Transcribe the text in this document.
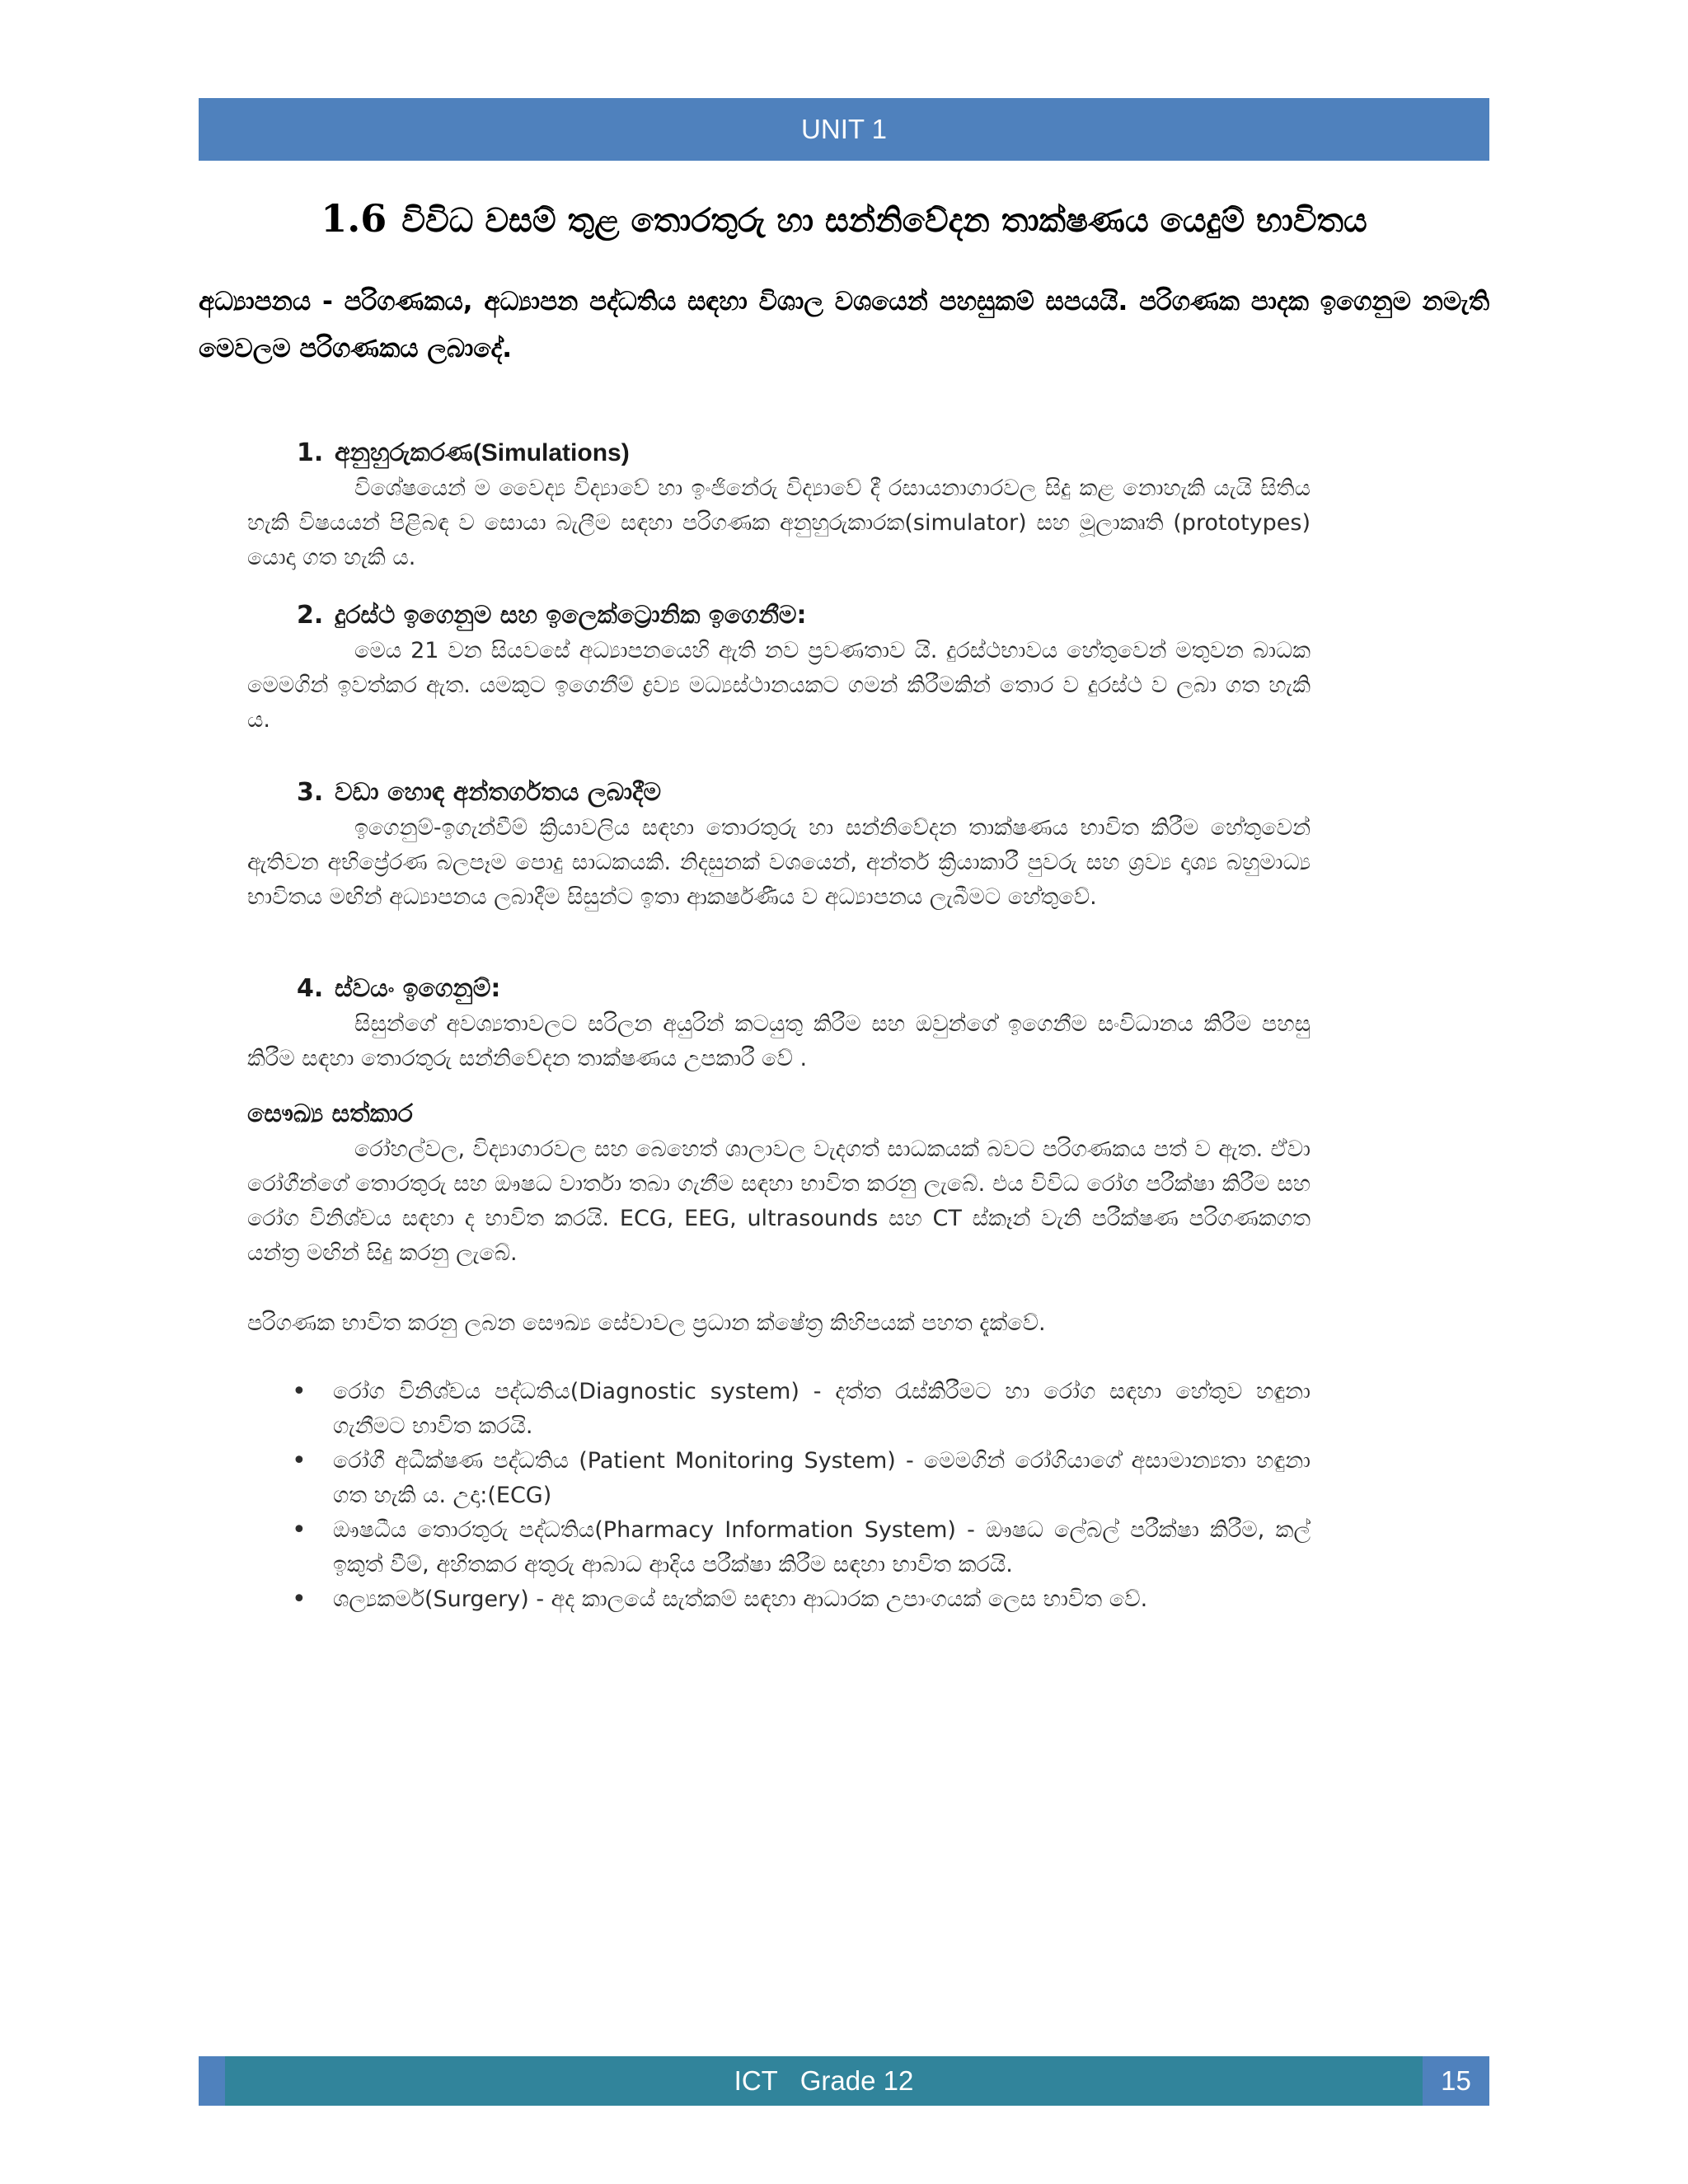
UNIT 1
1.6 විවිධ වසම් තුළ තොරතුරු හා සන්නිවේදන තාක්ෂණය යෙදුම් භාවිතය
අධ්‍යාපනය - පරිගණකය, අධ්‍යාපන පද්ධතිය සඳහා විශාල වශයෙන් පහසුකම් සපයයි. පරිගණක පාදක ඉගෙනුම නමැති මෙවලම පරිගණකය ලබාදේ.
1. අනුහුරුකරණ(Simulations)
විශේෂයෙන් ම වෛද්‍ය විද්‍යාවේ හා ඉංජිනේරු විද්‍යාවේ දී රසායනාගාරවල සිදු කළ නොහැකි යැයි සිතිය හැකි විෂයයන් පිළිබඳ ව සොයා බැලීම සඳහා පරිගණක අනුහුරුකාරක(simulator) සහ මූලාකෘති (prototypes) යොදා ගත හැකි ය.
2. දුරස්ථ ඉගෙනුම සහ ඉලෙක්ට්‍රොනික ඉගෙනීම:
මෙය 21 වන සියවසේ අධ්‍යාපනයෙහි ඇති නව ප්‍රවණතාව යි. දුරස්ථභාවය හේතුවෙන් මතුවන බාධක මෙමගින් ඉවත්කර ඇත. යමකුට ඉගෙනීම් ද්‍රව්‍ය මධ්‍යස්ථානයකට ගමන් කිරීමකින් තොර ව දුරස්ථ ව ලබා ගත හැකි ය.
3. වඩා හොඳ අන්තර්ගතය ලබාදීම
ඉගෙනුම්-ඉගැන්වීම් ක්‍රියාවලිය සඳහා තොරතුරු හා සන්නිවේදන තාක්ෂණය භාවිත කිරීම හේතුවෙන් ඇතිවන අභිප්‍රේරණ බලපෑම පොදු සාධකයකි. නිදසුනක් වශයෙන්, අන්තර් ක්‍රියාකාරී පුවරු සහ ශ්‍රව්‍ය දෘශ්‍ය බහුමාධ්‍ය භාවිතය මඟින් අධ්‍යාපනය ලබාදීම සිසුන්ට ඉතා ආකර්ෂණීය ව අධ්‍යාපනය ලැබීමට හේතුවේ.
4. ස්වයං ඉගෙනුම්:
සිසුන්ගේ අවශ්‍යතාවලට සරිලන අයුරින් කටයුතු කිරීම සහ ඔවුන්ගේ ඉගෙනීම සංවිධානය කිරීම පහසු කිරීම සඳහා තොරතුරු සන්නිවේදන තාක්ෂණය උපකාරී වේ .
සෞඛ්‍ය සත්කාර
රෝහල්වල, විද්‍යාගාරවල සහ බෙහෙත් ශාලාවල වැදගත් සාධකයක් බවට පරිගණකය පත් ව ඇත. ඒවා රෝගීන්ගේ තොරතුරු සහ ඖෂධ වාර්තා තබා ගැනීම සඳහා භාවිත කරනු ලැබේ. එය විවිධ රෝග පරීක්ෂා කිරීම සහ රෝග විනිශ්චය සඳහා ද භාවිත කරයි. ECG, EEG, ultrasounds සහ CT ස්කෑන් වැනි පරීක්ෂණ පරිගණකගත යන්ත්‍ර මඟින් සිදු කරනු ලැබේ.
පරිගණක භාවිත කරනු ලබන සෞඛ්‍ය සේවාවල ප්‍රධාන ක්ෂේත්‍ර කිහිපයක් පහත දැක්වේ.
• රෝග විනිශ්චය පද්ධතිය(Diagnostic system) - දත්ත රැස්කිරීමට හා රෝග සඳහා හේතුව හඳුනා ගැනීමට භාවිත කරයි.
• රෝගී අධීක්ෂණ පද්ධතිය (Patient Monitoring System) - මෙමගින් රෝගියාගේ අසාමාන්‍යතා හඳුනා ගත හැකි ය. උදා:(ECG)
• ඖෂධීය තොරතුරු පද්ධතිය(Pharmacy Information System) - ඖෂධ ලේබල් පරීක්ෂා කිරීම, කල් ඉකුත් වීම්, අහිතකර අතුරු ආබාධ ආදිය පරීක්ෂා කිරීම සඳහා භාවිත කරයි.
• ශල්‍යකර්ම(Surgery) - අද කාලයේ සැත්කම් සඳහා ආධාරක උපාංගයක් ලෙස භාවිත වේ.
ICT   Grade 12	15
